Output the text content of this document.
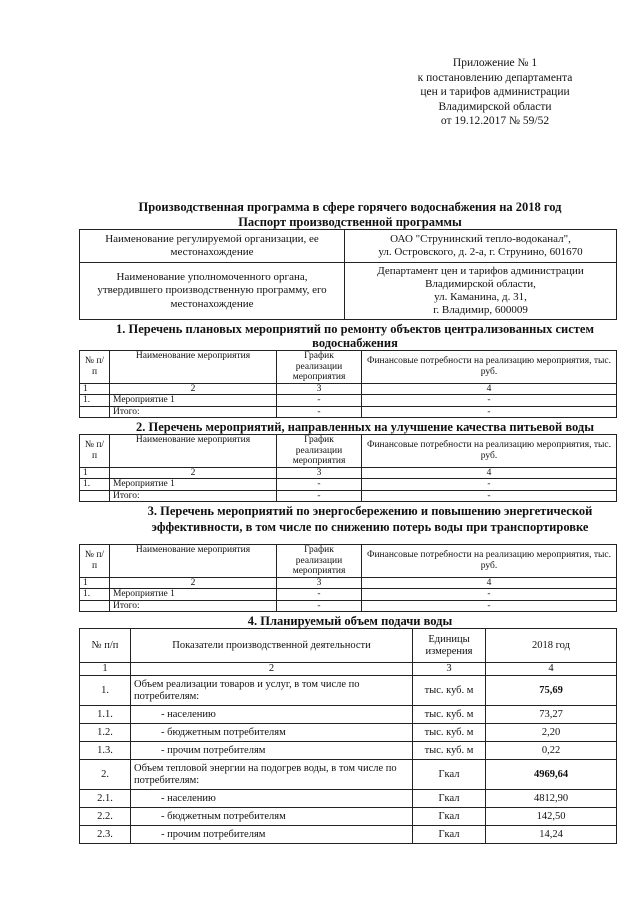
Приложение № 1
к постановлению департамента
цен и тарифов администрации
Владимирской области
от 19.12.2017 № 59/52
Производственная программа в сфере горячего водоснабжения на 2018 год
Паспорт производственной программы
Наименование регулируемой организации, ее местонахождение	ОАО "Струнинский тепло-водоканал",
ул. Островского, д. 2-а, г. Струнино, 601670

Наименование уполномоченного органа, утвердившего производственную программу, его местонахождение	Департамент цен и тарифов администрации
Владимирской области,
ул. Каманина, д. 31,
г. Владимир, 600009
1. Перечень плановых мероприятий по ремонту объектов централизованных систем водоснабжения
№ п/п	Наименование мероприятия	График реализации мероприятия	Финансовые потребности на реализацию мероприятия, тыс. руб.
1	2	3	4
1.	Мероприятие 1	-	-
	Итого:	-	-
2. Перечень мероприятий, направленных на улучшение качества питьевой воды
№ п/п	Наименование мероприятия	График реализации мероприятия	Финансовые потребности на реализацию мероприятия, тыс. руб.
1	2	3	4
1.	Мероприятие 1	-	-
	Итого:	-	-
3. Перечень мероприятий по энергосбережению и повышению энергетической эффективности, в том числе по снижению потерь воды при транспортировке
№ п/п	Наименование мероприятия	График реализации мероприятия	Финансовые потребности на реализацию мероприятия, тыс. руб.
1	2	3	4
1.	Мероприятие 1	-	-
	Итого:	-	-
4. Планируемый объем подачи воды
№ п/п	Показатели производственной деятельности	Единицы измерения	2018 год
1	2	3	4
1.	Объем реализации товаров и услуг, в том числе по потребителям:	тыс. куб. м	75,69
1.1.	- населению	тыс. куб. м	73,27
1.2.	- бюджетным потребителям	тыс. куб. м	2,20
1.3.	- прочим потребителям	тыс. куб. м	0,22
2.	Объем тепловой энергии на подогрев воды, в том числе по потребителям:	Гкал	4969,64
2.1.	- населению	Гкал	4812,90
2.2.	- бюджетным потребителям	Гкал	142,50
2.3.	- прочим потребителям	Гкал	14,24
